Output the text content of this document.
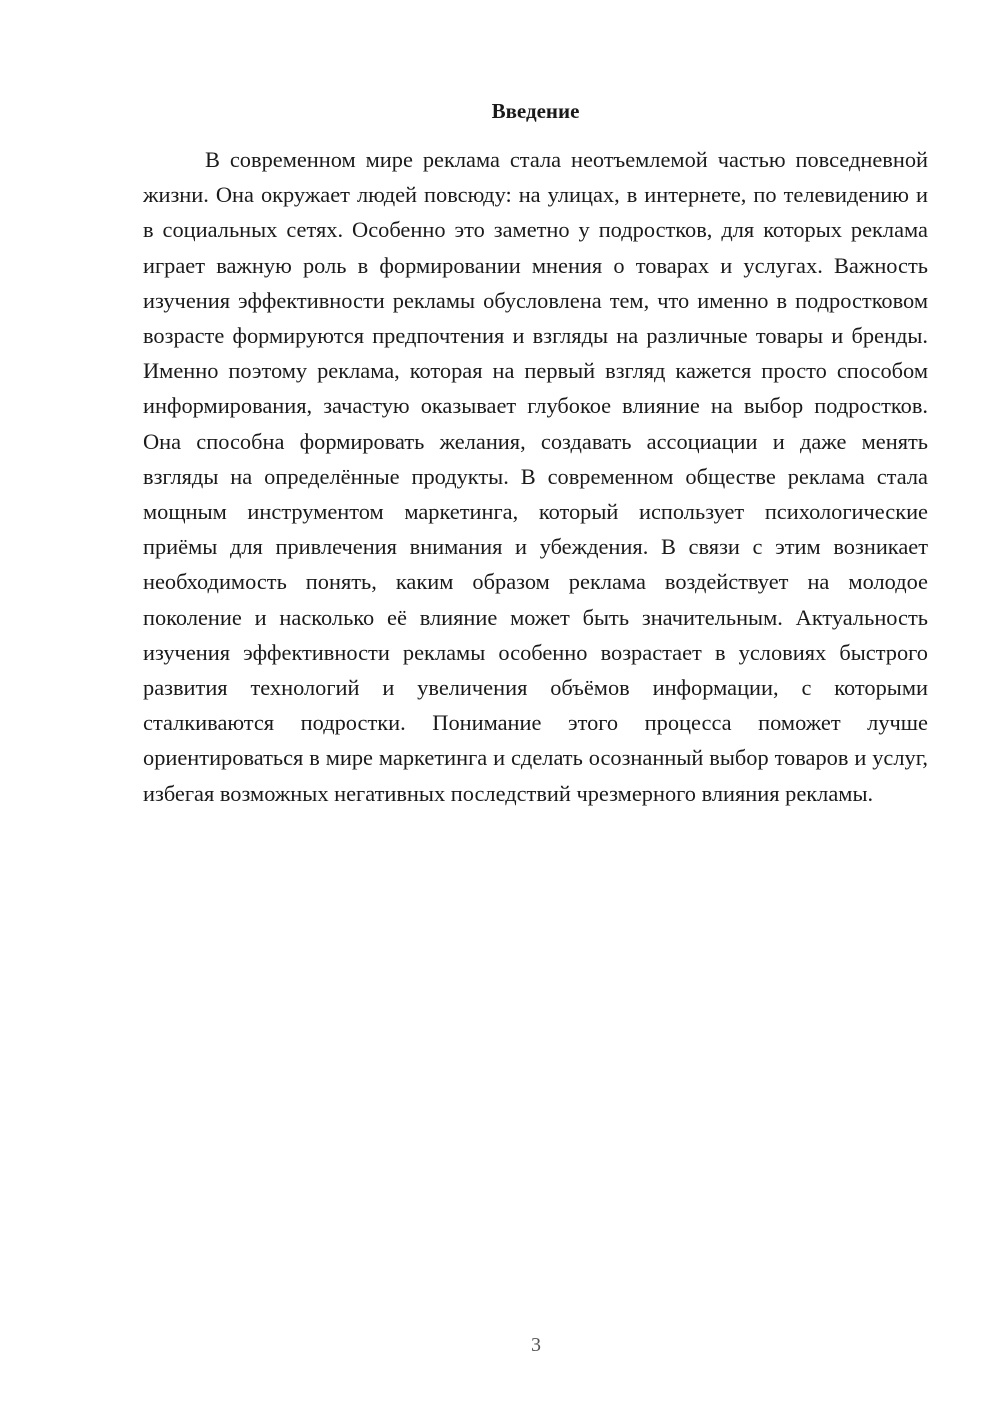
Введение

В современном мире реклама стала неотъемлемой частью повседневной жизни. Она окружает людей повсюду: на улицах, в интернете, по телевидению и в социальных сетях. Особенно это заметно у подростков, для которых реклама играет важную роль в формировании мнения о товарах и услугах. Важность изучения эффективности рекламы обусловлена тем, что именно в подростковом возрасте формируются предпочтения и взгляды на различные товары и бренды. Именно поэтому реклама, которая на первый взгляд кажется просто способом информирования, зачастую оказывает глубокое влияние на выбор подростков. Она способна формировать желания, создавать ассоциации и даже менять взгляды на определённые продукты. В современном обществе реклама стала мощным инструментом маркетинга, который использует психологические приёмы для привлечения внимания и убеждения. В связи с этим возникает необходимость понять, каким образом реклама воздействует на молодое поколение и насколько её влияние может быть значительным. Актуальность изучения эффективности рекламы особенно возрастает в условиях быстрого развития технологий и увеличения объёмов информации, с которыми сталкиваются подростки. Понимание этого процесса поможет лучше ориентироваться в мире маркетинга и сделать осознанный выбор товаров и услуг, избегая возможных негативных последствий чрезмерного влияния рекламы.

3
